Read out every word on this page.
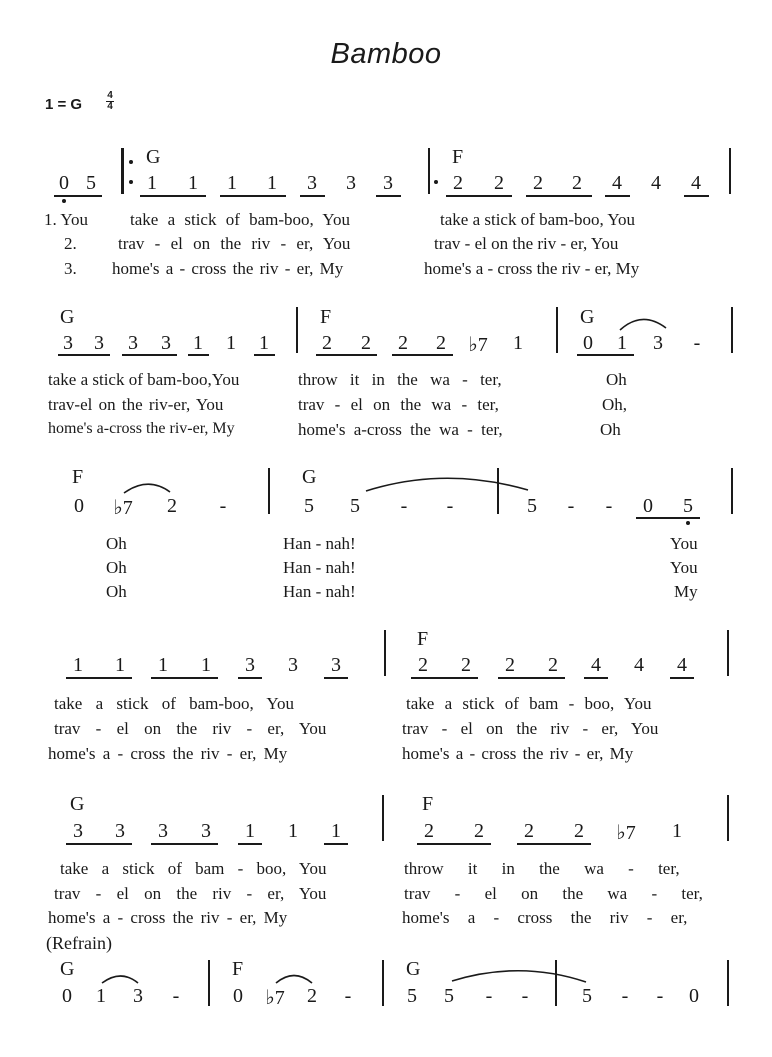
Bamboo
1 = G
4
4
G	F
G	F	G
F	G
F
G	F
G	F	G
0 5	1	1	1	1	3	3	3	2	2	2	2	4	4	4
1. You take a stick of bam-boo, You	take a stick of bam-boo, You
2. trav - el on the riv - er, You	trav - el on the riv - er, You
3. home's a - cross the riv - er, My	home's a - cross the riv - er, My
3	3	3	3	1	1	1	2	2	2	2	♭7	1	0	1	3	-
take a stick of bam-boo,You	throw it in the wa - ter,	Oh
trav-el on the riv-er, You	trav - el on the wa - ter,	Oh,
home's a-cross the riv-er, My	home's a-cross the wa - ter,	Oh
0	♭7	2	-	5	5	-	-	5	-	-	0	5
Oh	Han - nah!	You
Oh	Han - nah!	You
Oh	Han - nah!	My
1	1	1	1	3	3	3	2	2	2	2	4	4	4
take a stick of bam-boo, You	take a stick of bam - boo, You
trav - el on the riv - er, You	trav - el on the riv - er, You
home's a - cross the riv - er, My	home's a - cross the riv - er, My
3	3	3	3	1	1	1	2	2	2	2	♭7	1
take a stick of bam - boo, You	throw it in the wa - ter,
trav - el on the riv - er, You	trav - el on the wa - ter,
home's a - cross the riv - er, My	home's a - cross the riv - er,
(Refrain)
0	1	3	-	0	♭7	2	-	5	5	-	-	5	-	-	0
